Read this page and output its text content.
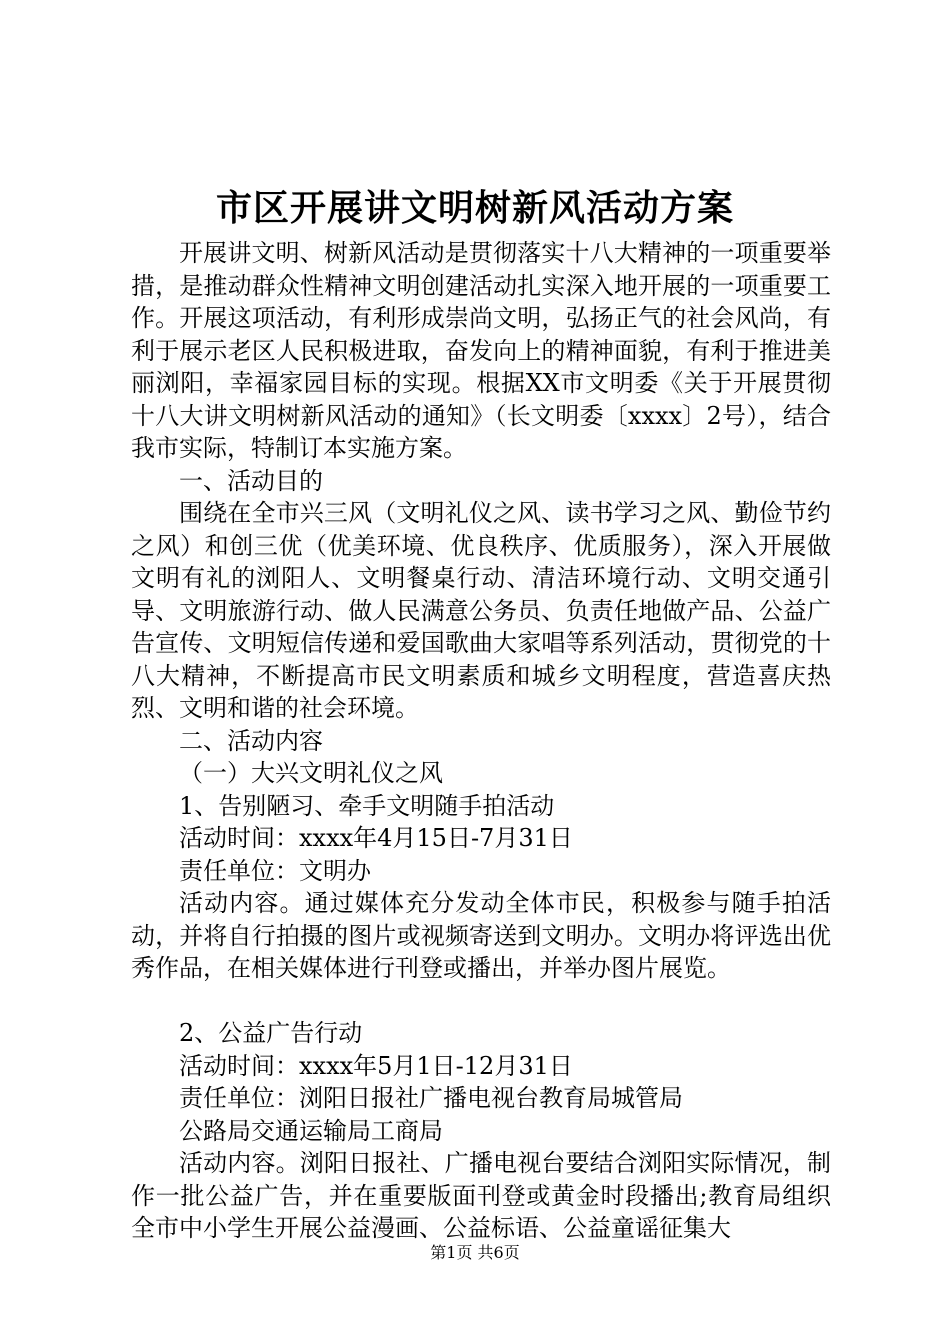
市区开展讲文明树新风活动方案

开展讲文明、树新风活动是贯彻落实十八大精神的一项重要举措，是推动群众性精神文明创建活动扎实深入地开展的一项重要工作。开展这项活动，有利形成崇尚文明，弘扬正气的社会风尚，有利于展示老区人民积极进取，奋发向上的精神面貌，有利于推进美丽浏阳，幸福家园目标的实现。根据XX市文明委《关于开展贯彻十八大讲文明树新风活动的通知》（长文明委〔xxxx〕2号），结合我市实际，特制订本实施方案。

一、活动目的

围绕在全市兴三风（文明礼仪之风、读书学习之风、勤俭节约之风）和创三优（优美环境、优良秩序、优质服务），深入开展做文明有礼的浏阳人、文明餐桌行动、清洁环境行动、文明交通引导、文明旅游行动、做人民满意公务员、负责任地做产品、公益广告宣传、文明短信传递和爱国歌曲大家唱等系列活动，贯彻党的十八大精神，不断提高市民文明素质和城乡文明程度，营造喜庆热烈、文明和谐的社会环境。

二、活动内容

（一）大兴文明礼仪之风

1、告别陋习、牵手文明随手拍活动

活动时间：xxxx年4月15日-7月31日

责任单位：文明办

活动内容。通过媒体充分发动全体市民，积极参与随手拍活动，并将自行拍摄的图片或视频寄送到文明办。文明办将评选出优秀作品，在相关媒体进行刊登或播出，并举办图片展览。

2、公益广告行动

活动时间：xxxx年5月1日-12月31日

责任单位：浏阳日报社广播电视台教育局城管局

公路局交通运输局工商局

活动内容。浏阳日报社、广播电视台要结合浏阳实际情况，制作一批公益广告，并在重要版面刊登或黄金时段播出;教育局组织全市中小学生开展公益漫画、公益标语、公益童谣征集大

第1页 共6页
